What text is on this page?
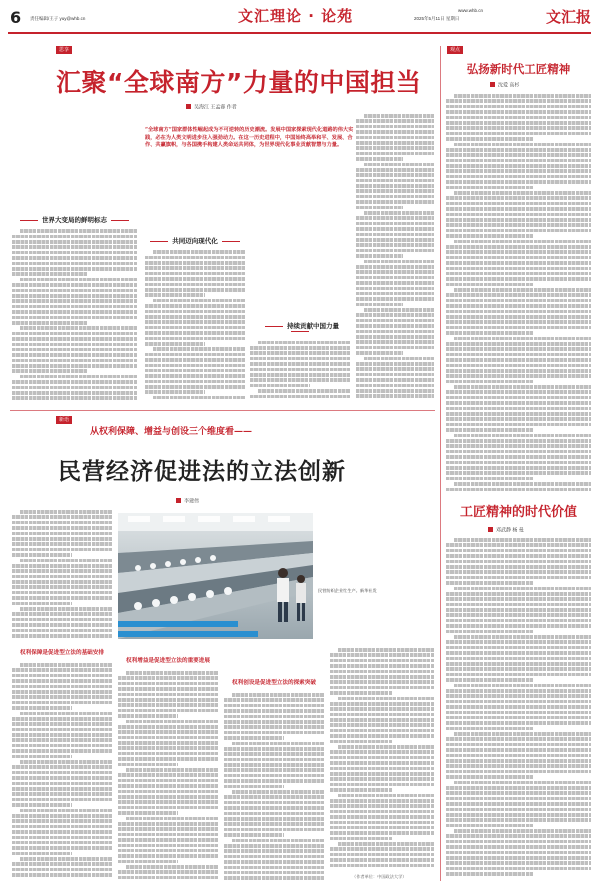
6 责任编辑/王子 yuy@whb.cn	文汇理论 · 论苑	www.whb.cn
2025年5月11日 星期日	文汇报
思享
汇聚“全球南方”力量的中国担当
吴海江 王孟睿 作者
“全球南方”国家群体性崛起成为不可逆转的历史潮流。发展中国家探索现代化道路的伟大实践，必在为人类文明进步注入强劲动力。在这一历史进程中，中国始终高举和平、发展、合作、共赢旗帜，与各国携手构建人类命运共同体，为世界现代化事业贡献智慧与力量。
世界大变局的鲜明标志
共同迈向现代化
持续贡献中国力量
观点
弘扬新时代工匠精神
沈爱 高杉
工匠精神的时代价值
邓武静 杨 曼
新语
从权利保障、增益与创设三个维度看——
民营经济促进法的立法创新
李建伟
民营纺织企业忙生产。新华社发
权利保障是促进型立法的基础安排
权利增益是促进型立法的重要进展
权利创设是促进型立法的探索突破
（作者单位：中国政法大学）
